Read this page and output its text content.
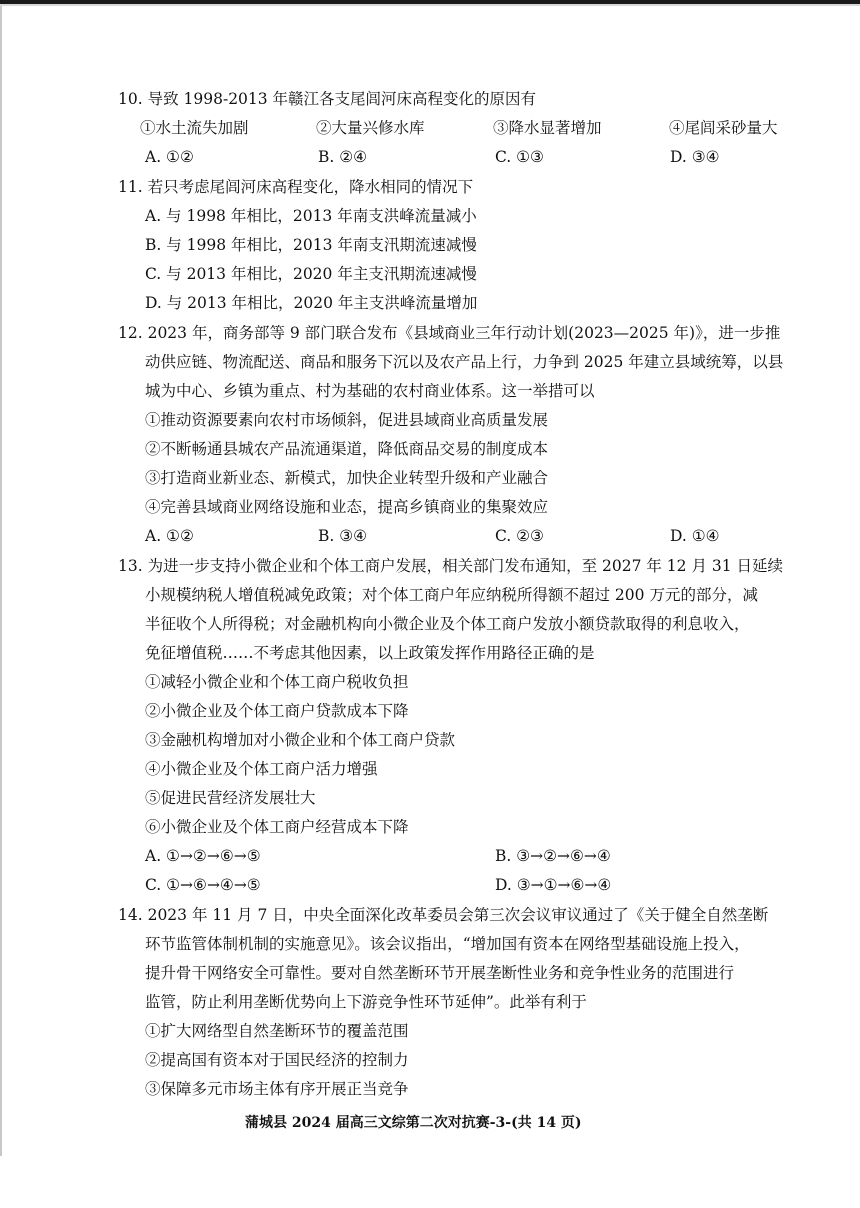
10. 导致 1998-2013 年赣江各支尾闾河床高程变化的原因有
①水土流失加剧	②大量兴修水库	③降水显著增加	④尾闾采砂量大
A. ①②	B. ②④	C. ①③	D. ③④
11. 若只考虑尾闾河床高程变化，降水相同的情况下
A. 与 1998 年相比，2013 年南支洪峰流量减小
B. 与 1998 年相比，2013 年南支汛期流速减慢
C. 与 2013 年相比，2020 年主支汛期流速减慢
D. 与 2013 年相比，2020 年主支洪峰流量增加
12. 2023 年，商务部等 9 部门联合发布《县域商业三年行动计划(2023—2025 年)》，进一步推
动供应链、物流配送、商品和服务下沉以及农产品上行，力争到 2025 年建立县域统筹，以县
城为中心、乡镇为重点、村为基础的农村商业体系。这一举措可以
①推动资源要素向农村市场倾斜，促进县域商业高质量发展
②不断畅通县城农产品流通渠道，降低商品交易的制度成本
③打造商业新业态、新模式，加快企业转型升级和产业融合
④完善县域商业网络设施和业态，提高乡镇商业的集聚效应
A. ①②	B. ③④	C. ②③	D. ①④
13. 为进一步支持小微企业和个体工商户发展，相关部门发布通知，至 2027 年 12 月 31 日延续
小规模纳税人增值税减免政策；对个体工商户年应纳税所得额不超过 200 万元的部分，减
半征收个人所得税；对金融机构向小微企业及个体工商户发放小额贷款取得的利息收入，
免征增值税……不考虑其他因素，以上政策发挥作用路径正确的是
①减轻小微企业和个体工商户税收负担
②小微企业及个体工商户贷款成本下降
③金融机构增加对小微企业和个体工商户贷款
④小微企业及个体工商户活力增强
⑤促进民营经济发展壮大
⑥小微企业及个体工商户经营成本下降
A. ①→②→⑥→⑤	B. ③→②→⑥→④
C. ①→⑥→④→⑤	D. ③→①→⑥→④
14. 2023 年 11 月 7 日，中央全面深化改革委员会第三次会议审议通过了《关于健全自然垄断
环节监管体制机制的实施意见》。该会议指出，“增加国有资本在网络型基础设施上投入，
提升骨干网络安全可靠性。要对自然垄断环节开展垄断性业务和竞争性业务的范围进行
监管，防止利用垄断优势向上下游竞争性环节延伸”。此举有利于
①扩大网络型自然垄断环节的覆盖范围
②提高国有资本对于国民经济的控制力
③保障多元市场主体有序开展正当竞争
蒲城县 2024 届高三文综第二次对抗赛-3-(共 14 页)
